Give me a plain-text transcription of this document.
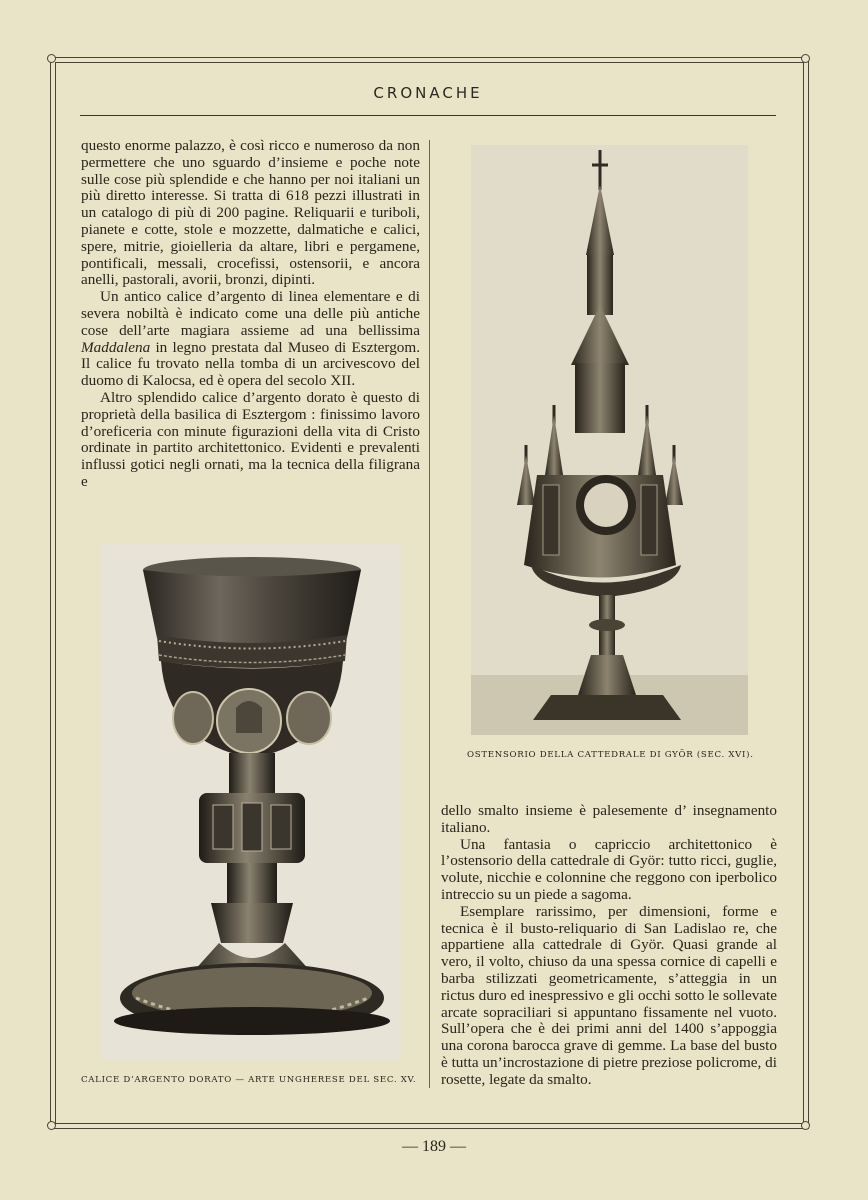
CRONACHE

questo enorme palazzo, è così ricco e numeroso da non permettere che uno sguardo d’insieme e poche note sulle cose più splendide e che hanno per noi italiani un più diretto interesse. Si tratta di 618 pezzi illustrati in un catalogo di più di 200 pagine. Reliquarii e turiboli, pianete e cotte, stole e mozzette, dalmatiche e calici, spere, mitrie, gioielleria da altare, libri e pergamene, pontificali, messali, crocefissi, ostensorii, e ancora anelli, pastorali, avorii, bronzi, dipinti.

Un antico calice d’argento di linea elementare e di severa nobiltà è indicato come una delle più antiche cose dell’arte magiara assieme ad una bellissima Maddalena in legno prestata dal Museo di Esztergom. Il calice fu trovato nella tomba di un arcivescovo del duomo di Kalocsa, ed è opera del secolo XII.

Altro splendido calice d’argento dorato è questo di proprietà della basilica di Esztergom : finissimo lavoro d’oreficeria con minute figurazioni della vita di Cristo ordinate in partito architettonico. Evidenti e prevalenti influssi gotici negli ornati, ma la tecnica della filigrana e

CALICE D’ARGENTO DORATO — ARTE UNGHERESE DEL SEC. XV.
OSTENSORIO DELLA CATTEDRALE DI GYÖR (SEC. XVI).

dello smalto insieme è palesemente d’ insegnamento italiano.

Una fantasia o capriccio architettonico è l’ostensorio della cattedrale di Györ: tutto ricci, guglie, volute, nicchie e colonnine che reggono con iperbolico intreccio su un piede a sagoma.

Esemplare rarissimo, per dimensioni, forme e tecnica è il busto-reliquario di San Ladislao re, che appartiene alla cattedrale di Györ. Quasi grande al vero, il volto, chiuso da una spessa cornice di capelli e barba stilizzati geometricamente, s’atteggia in un rictus duro ed inespressivo e gli occhi sotto le sollevate arcate sopraciliari si appuntano fissamente nel vuoto. Sull’opera che è dei primi anni del 1400 s’appoggia una corona barocca grave di gemme. La base del busto è tutta un’incrostazione di pietre preziose policrome, di rosette, legate da smalto.

— 189 —
